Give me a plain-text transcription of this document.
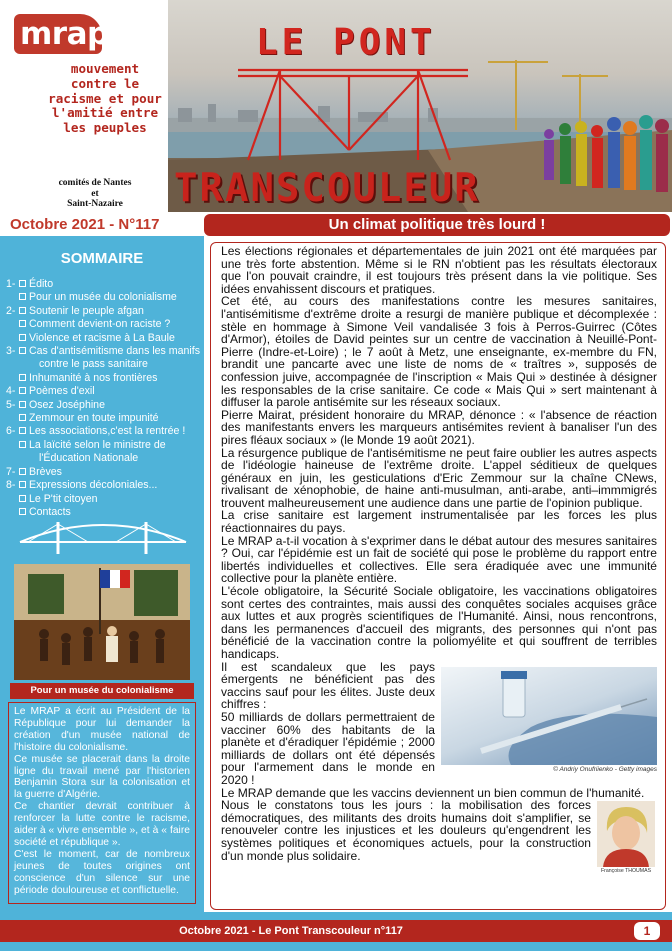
mrap
mouvement contre le racisme et pour l'amitié entre les peuples
comités de Nantes
et
Saint-Nazaire
LE PONT
TRANSCOULEUR
Octobre 2021 - N°117
SOMMAIRE
1- Édito
Pour un musée du colonialisme
2- Soutenir le peuple afgan
Comment devient-on raciste ?
Violence et racisme à La Baule
3- Cas d'antisémitisme dans les manifs
contre le pass sanitaire
Inhumanité à nos frontières
4- Poèmes d'exil
5- Osez Joséphine
Zemmour en toute impunité
6- Les associations,c'est la rentrée !
La laïcité selon le ministre de
l'Éducation Nationale
7- Brèves
8- Expressions décoloniales...
Le P'tit citoyen
Contacts
Pour un musée du colonialisme

Le MRAP a écrit au Président de la République pour lui demander la création d'un musée national de l'histoire du colonialisme.

Ce musée se placerait dans la droite ligne du travail mené par l'historien Benjamin Stora sur la colonisation et la guerre d'Algérie.

Ce chantier devrait contribuer à renforcer la lutte contre le racisme, aider à « vivre ensemble », et à « faire société et république ».

C'est le moment, car de nombreux jeunes de toutes origines ont conscience d'un silence sur une période douloureuse et conflictuelle.

Un climat politique très lourd !

Les élections régionales et départementales de juin 2021 ont été marquées par une très forte abstention. Même si le RN n'obtient pas les résultats électoraux que l'on pouvait craindre, il est toujours très présent dans la vie politique. Ses idées envahissent discours et pratiques.

Cet été, au cours des manifestations contre les mesures sanitaires, l'antisémitisme d'extrême droite a resurgi de manière publique et décomplexée : stèle en hommage à Simone Veil vandalisée 3 fois à Perros-Guirrec (Côtes d'Armor), étoiles de David peintes sur un centre de vaccination à Neuillé-Pont-Pierre (Indre-et-Loire) ; le 7 août à Metz, une enseignante, ex-membre du FN, brandit une pancarte avec une liste de noms de « traîtres », supposés de confession juive, accompagnée de l'inscription « Mais Qui » destinée à désigner les responsables de la crise sanitaire. Ce code « Mais Qui » sert maintenant à diffuser la parole antisémite sur les réseaux sociaux.

Pierre Mairat, président honoraire du MRAP, dénonce : « l'absence de réaction des manifestants envers les marqueurs antisémites revient à banaliser l'un des pires fléaux sociaux » (le Monde 19 août 2021).

La résurgence publique de l'antisémitisme ne peut faire oublier les autres aspects de l'idéologie haineuse de l'extrême droite. L'appel séditieux de quelques généraux en juin, les gesticulations d'Eric Zemmour sur la chaîne CNews, rivalisant de xénophobie, de haine anti-musulman, anti-arabe, anti–immmigrés trouvent malheureusement une audience dans une partie de l'opinion publique.

La crise sanitaire est largement instrumentalisée par les forces les plus réactionnaires du pays.

Le MRAP a-t-il vocation à s'exprimer dans le débat autour des mesures sanitaires ? Oui, car l'épidémie est un fait de société qui pose le problème du rapport entre libertés individuelles et collectives. Elle sera éradiquée avec une immunité collective pour la planète entière.

L'école obligatoire, la Sécurité Sociale obligatoire, les vaccinations obligatoires sont certes des contraintes, mais aussi des conquêtes sociales acquises grâce aux luttes et aux progrès scientifiques de l'Humanité. Ainsi, nous rencontrons, dans les permanences d'accueil des migrants, des personnes qui n'ont pas bénéficié de la vaccination contre la poliomyélite et qui souffrent de terribles handicaps.

© Andriy Onufriienko - Getty images

Il est scandaleux que les pays émergents ne bénéficient pas des vaccins sauf pour les élites. Juste deux chiffres :

50 milliards de dollars permettraient de vacciner 60% des habitants de la planète et d'éradiquer l'épidémie ; 2000 milliards de dollars ont été dépensés pour l'armement dans le monde en 2020 !

Le MRAP demande que les vaccins deviennent un bien commun de l'humanité.

Françoise THOUMAS

Nous le constatons tous les jours : la mobilisation des forces démocratiques, des militants des droits humains doit s'amplifier, se renouveler contre les injustices et les douleurs qu'engendrent les systèmes politiques et économiques actuels, pour la construction d'un monde plus solidaire.

Octobre 2021 - Le Pont Transcouleur n°117	1
